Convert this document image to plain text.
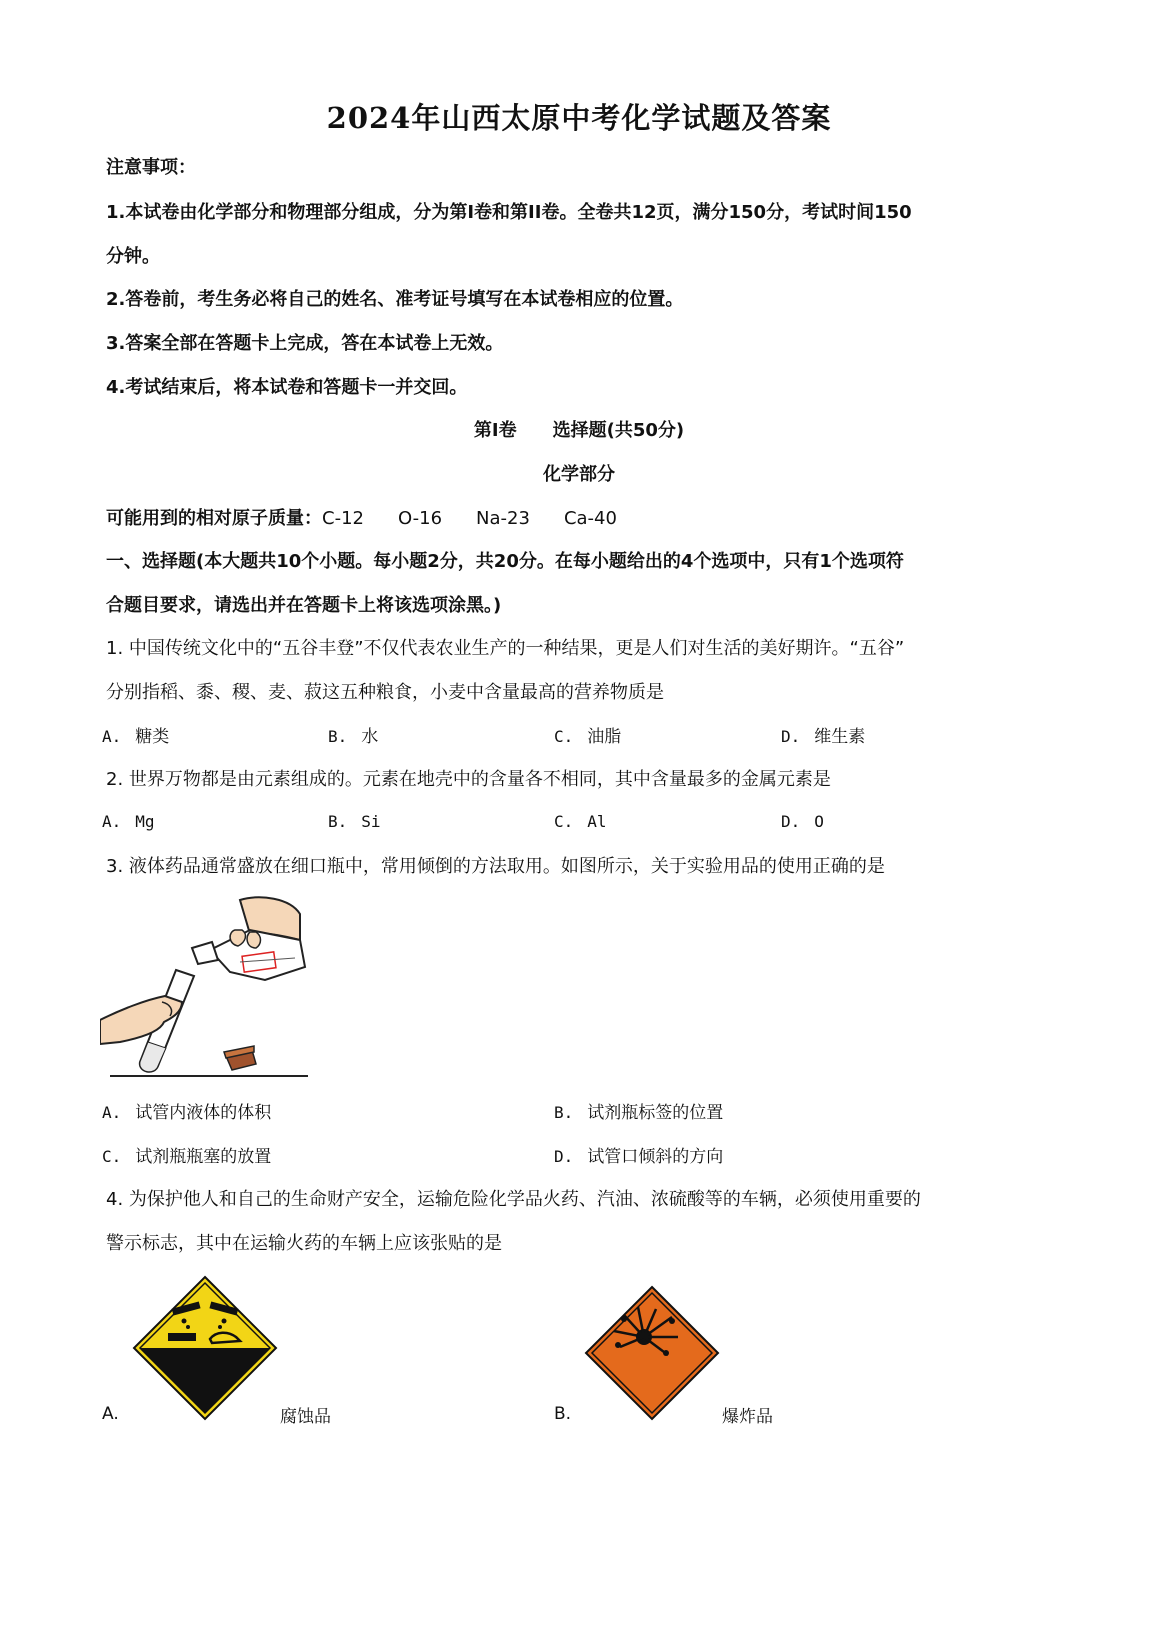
2024年山西太原中考化学试题及答案
注意事项：
1.本试卷由化学部分和物理部分组成，分为第Ⅰ卷和第II卷。全卷共12页，满分150分，考试时间150
分钟。
2.答卷前，考生务必将自己的姓名、准考证号填写在本试卷相应的位置。
3.答案全部在答题卡上完成，答在本试卷上无效。
4.考试结束后，将本试卷和答题卡一并交回。
第Ⅰ卷　　选择题(共50分)
化学部分
可能用到的相对原子质量：C-12 O-16 Na-23 Ca-40
一、选择题(本大题共10个小题。每小题2分，共20分。在每小题给出的4个选项中，只有1个选项符
合题目要求，请选出并在答题卡上将该选项涂黑。)
1. 中国传统文化中的“五谷丰登”不仅代表农业生产的一种结果，更是人们对生活的美好期许。“五谷”
分别指稻、黍、稷、麦、菽这五种粮食，小麦中含量最高的营养物质是
A. 糖类	B. 水	C. 油脂	D. 维生素
2. 世界万物都是由元素组成的。元素在地壳中的含量各不相同，其中含量最多的金属元素是
A. Mg	B. Si	C. Al	D. O
3. 液体药品通常盛放在细口瓶中，常用倾倒的方法取用。如图所示，关于实验用品的使用正确的是
A. 试管内液体的体积	B. 试剂瓶标签的位置
C. 试剂瓶瓶塞的放置	D. 试管口倾斜的方向
4. 为保护他人和自己的生命财产安全，运输危险化学品火药、汽油、浓硫酸等的车辆，必须使用重要的
警示标志，其中在运输火药的车辆上应该张贴的是
A.	腐蚀品	B.	爆炸品
